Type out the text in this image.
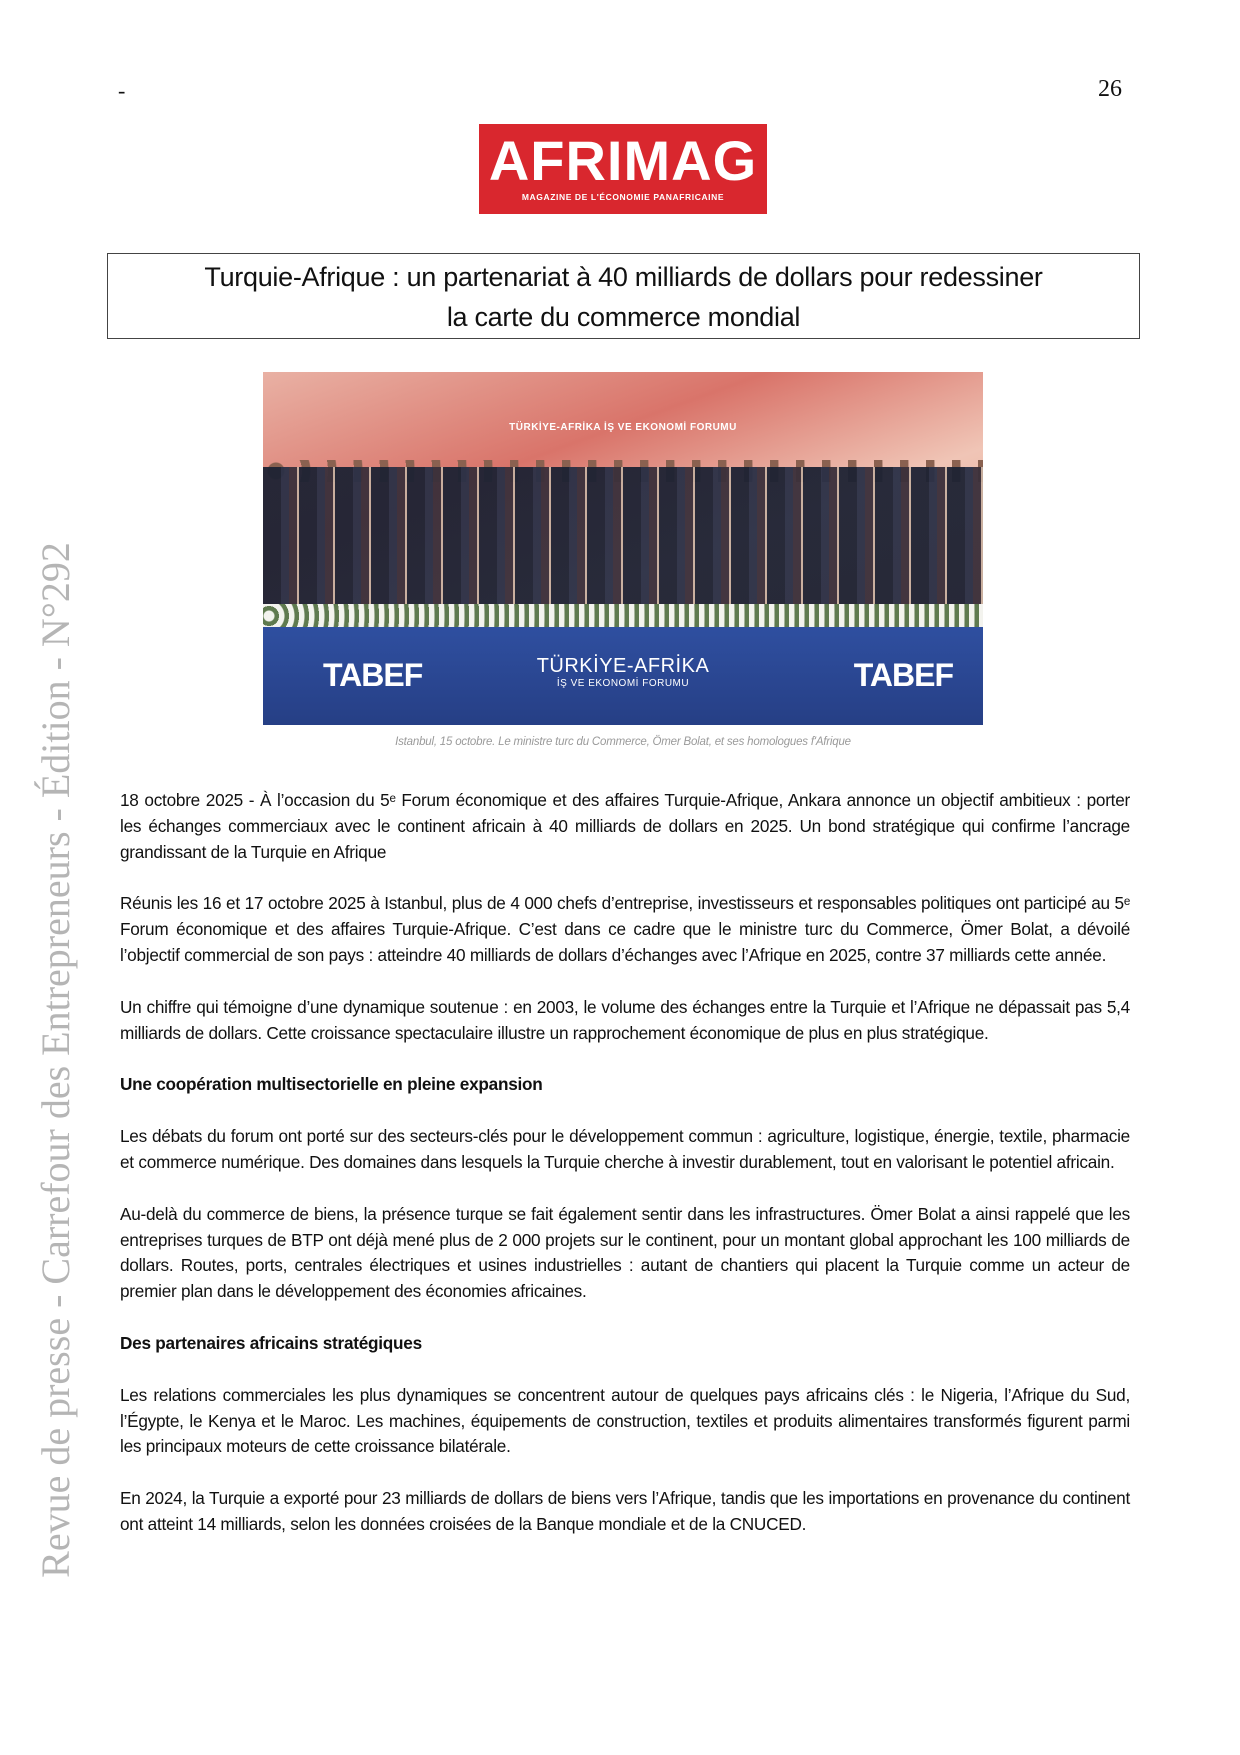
-	26
AFRIMAG
MAGAZINE DE L'ÉCONOMIE PANAFRICAINE
Turquie-Afrique : un partenariat à 40 milliards de dollars pour redessiner
la carte du commerce mondial
TÜRKİYE-AFRİKA İŞ VE EKONOMİ FORUMU
TABEF	TÜRKİYE-AFRİKA
İŞ VE EKONOMİ FORUMU	TABEF
Istanbul, 15 octobre. Le ministre turc du Commerce, Ömer Bolat, et ses homologues f'Afrique
Revue de presse - Carrefour des Entrepreneurs - Édition - N°292 18 octobre 2025 - À l’occasion du 5ᵉ Forum économique et des affaires Turquie-Afrique, Ankara annonce un objectif ambitieux : porter les échanges commerciaux avec le continent africain à 40 milliards de dollars en 2025. Un bond stratégique qui confirme l’ancrage grandissant de la Turquie en Afrique

Réunis les 16 et 17 octobre 2025 à Istanbul, plus de 4 000 chefs d’entreprise, investisseurs et responsables politiques ont participé au 5ᵉ Forum économique et des affaires Turquie-Afrique. C’est dans ce cadre que le ministre turc du Commerce, Ömer Bolat, a dévoilé l’objectif commercial de son pays : atteindre 40 milliards de dollars d’échanges avec l’Afrique en 2025, contre 37 milliards cette année.

Un chiffre qui témoigne d’une dynamique soutenue : en 2003, le volume des échanges entre la Turquie et l’Afrique ne dépassait pas 5,4 milliards de dollars. Cette croissance spectaculaire illustre un rapprochement économique de plus en plus stratégique.

Une coopération multisectorielle en pleine expansion

Les débats du forum ont porté sur des secteurs-clés pour le développement commun : agriculture, logistique, énergie, textile, pharmacie et commerce numérique. Des domaines dans lesquels la Turquie cherche à investir durablement, tout en valorisant le potentiel africain.

Au-delà du commerce de biens, la présence turque se fait également sentir dans les infrastructures. Ömer Bolat a ainsi rappelé que les entreprises turques de BTP ont déjà mené plus de 2 000 projets sur le continent, pour un montant global approchant les 100 milliards de dollars. Routes, ports, centrales électriques et usines industrielles : autant de chantiers qui placent la Turquie comme un acteur de premier plan dans le développement des économies africaines.

Des partenaires africains stratégiques

Les relations commerciales les plus dynamiques se concentrent autour de quelques pays africains clés : le Nigeria, l’Afrique du Sud, l’Égypte, le Kenya et le Maroc. Les machines, équipements de construction, textiles et produits alimentaires transformés figurent parmi les principaux moteurs de cette croissance bilatérale.

En 2024, la Turquie a exporté pour 23 milliards de dollars de biens vers l’Afrique, tandis que les importations en provenance du continent ont atteint 14 milliards, selon les données croisées de la Banque mondiale et de la CNUCED.
